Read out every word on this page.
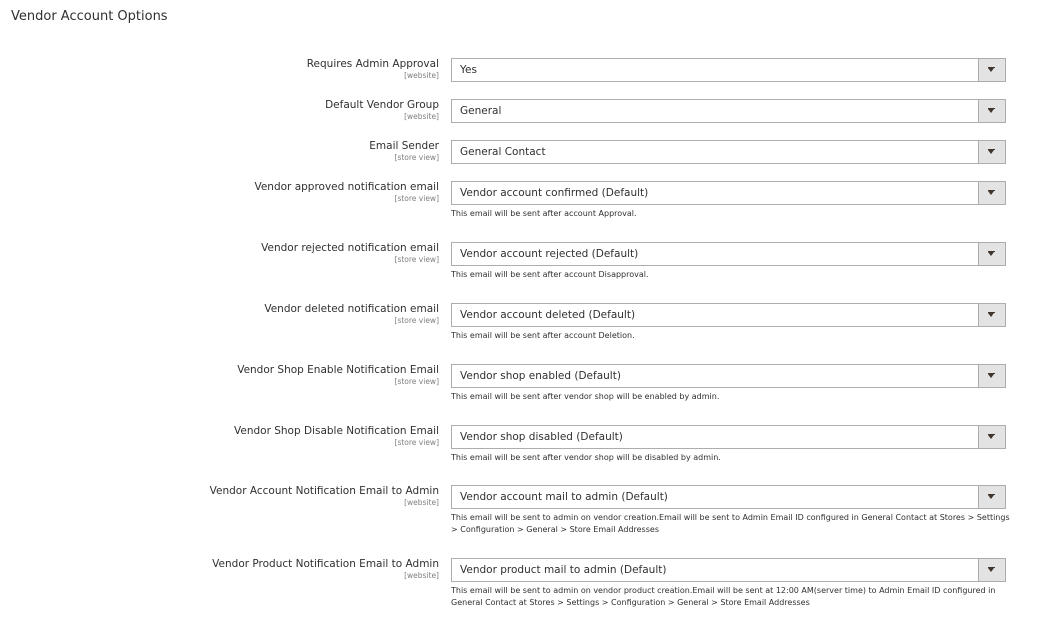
Vendor Account Options
Requires Admin Approval
[website] Yes
Default Vendor Group
[website] General
Email Sender
[store view] General Contact
Vendor approved notification email
[store view] Vendor account confirmed (Default)
This email will be sent after account Approval.
Vendor rejected notification email
[store view] Vendor account rejected (Default)
This email will be sent after account Disapproval.
Vendor deleted notification email
[store view] Vendor account deleted (Default)
This email will be sent after account Deletion.
Vendor Shop Enable Notification Email
[store view] Vendor shop enabled (Default)
This email will be sent after vendor shop will be enabled by admin.
Vendor Shop Disable Notification Email
[store view] Vendor shop disabled (Default)
This email will be sent after vendor shop will be disabled by admin.
Vendor Account Notification Email to Admin
[website] Vendor account mail to admin (Default)
This email will be sent to admin on vendor creation.Email will be sent to Admin Email ID configured in General Contact at Stores > Settings > Configuration > General > Store Email Addresses
Vendor Product Notification Email to Admin
[website] Vendor product mail to admin (Default)
This email will be sent to admin on vendor product creation.Email will be sent at 12:00 AM(server time) to Admin Email ID configured in General Contact at Stores > Settings > Configuration > General > Store Email Addresses
